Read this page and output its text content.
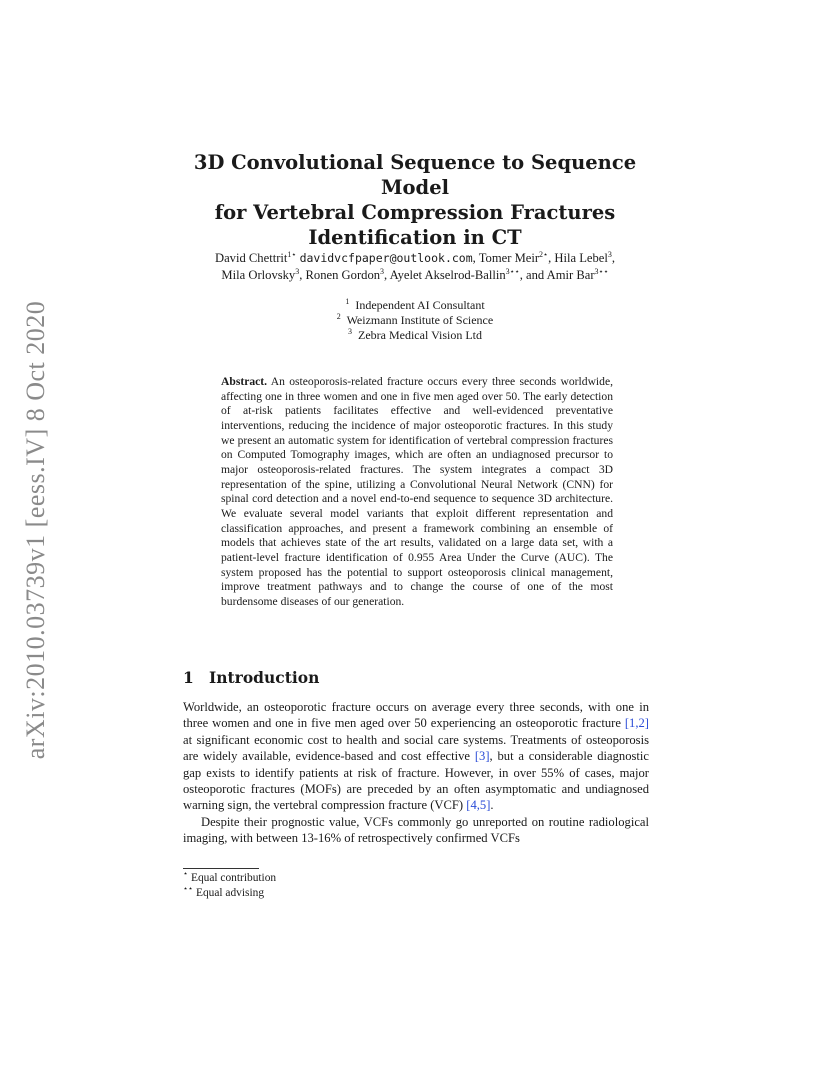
arXiv:2010.03739v1 [eess.IV] 8 Oct 2020
3D Convolutional Sequence to Sequence Model
for Vertebral Compression Fractures
Identification in CT
David Chettrit$^{1⋆}$ davidvcfpaper@outlook.com, Tomer Meir$^{2⋆}$, Hila Lebel$^3$,
Mila Orlovsky$^3$, Ronen Gordon$^3$, Ayelet Akselrod-Ballin$^{3⋆⋆}$, and Amir Bar$^{3⋆⋆}$
$^1$ Independent AI Consultant
$^2$ Weizmann Institute of Science
$^3$ Zebra Medical Vision Ltd
Abstract. An osteoporosis-related fracture occurs every three seconds worldwide, affecting one in three women and one in five men aged over 50. The early detection of at-risk patients facilitates effective and well-evidenced preventative interventions, reducing the incidence of major osteoporotic fractures. In this study we present an automatic system for identification of vertebral compression fractures on Computed Tomography images, which are often an undiagnosed precursor to major osteoporosis-related fractures. The system integrates a compact 3D representation of the spine, utilizing a Convolutional Neural Network (CNN) for spinal cord detection and a novel end-to-end sequence to sequence 3D architecture. We evaluate several model variants that exploit different representation and classification approaches, and present a framework combining an ensemble of models that achieves state of the art results, validated on a large data set, with a patient-level fracture identification of 0.955 Area Under the Curve (AUC). The system proposed has the potential to support osteoporosis clinical management, improve treatment pathways and to change the course of one of the most burdensome diseases of our generation.
1 Introduction

Worldwide, an osteoporotic fracture occurs on average every three seconds, with one in three women and one in five men aged over 50 experiencing an osteoporotic fracture [1,2] at significant economic cost to health and social care systems. Treatments of osteoporosis are widely available, evidence-based and cost effective [3], but a considerable diagnostic gap exists to identify patients at risk of fracture. However, in over 55% of cases, major osteoporotic fractures (MOFs) are preceded by an often asymptomatic and undiagnosed warning sign, the vertebral compression fracture (VCF) [4,5].

Despite their prognostic value, VCFs commonly go unreported on routine radiological imaging, with between 13-16% of retrospectively confirmed VCFs

⋆ Equal contribution
⋆⋆ Equal advising
